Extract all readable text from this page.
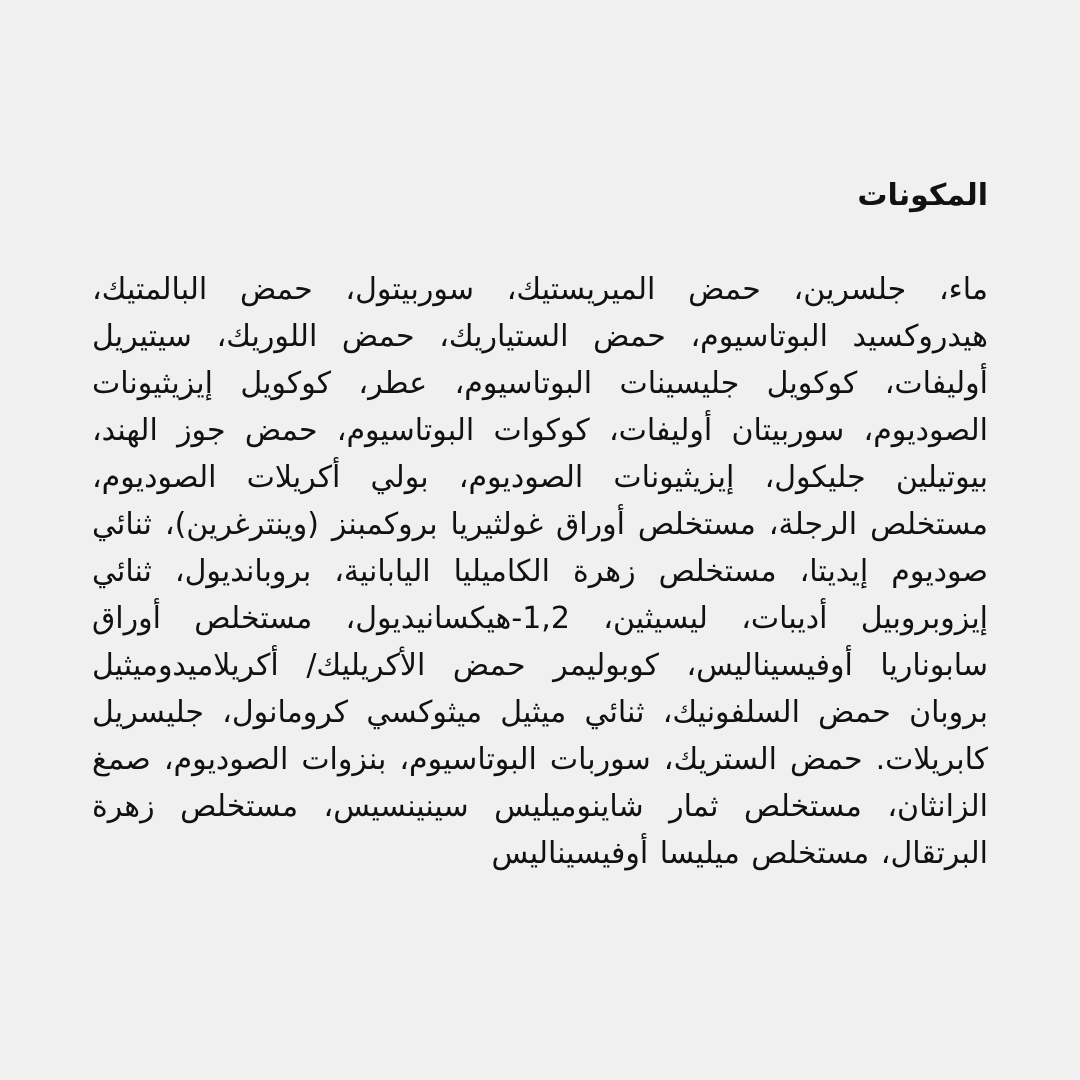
المكونات

ماء، جلسرين، حمض الميريستيك، سوربيتول، حمض البالمتيك، هيدروكسيد البوتاسيوم، حمض الستياريك، حمض اللوريك، سيتيريل أوليفات، كوكويل جليسينات البوتاسيوم، عطر، كوكويل إيزيثيونات الصوديوم، سوربيتان أوليفات، كوكوات البوتاسيوم، حمض جوز الهند، بيوتيلين جليكول، إيزيثيونات الصوديوم، بولي أكريلات الصوديوم، مستخلص الرجلة، مستخلص أوراق غولثيريا بروكمبنز (وينترغرين)، ثنائي صوديوم إيديتا، مستخلص زهرة الكاميليا اليابانية، بروبانديول، ثنائي إيزوبروبيل أديبات، ليسيثين، 1,2-هيكسانيديول، مستخلص أوراق سابوناريا أوفيسيناليس، كوبوليمر حمض الأكريليك/ أكريلاميدوميثيل بروبان حمض السلفونيك، ثنائي ميثيل ميثوكسي كرومانول، جليسريل كابريلات. حمض الستريك، سوربات البوتاسيوم، بنزوات الصوديوم، صمغ الزانثان، مستخلص ثمار شاينوميليس سينينسيس، مستخلص زهرة البرتقال، مستخلص ميليسا أوفيسيناليس
